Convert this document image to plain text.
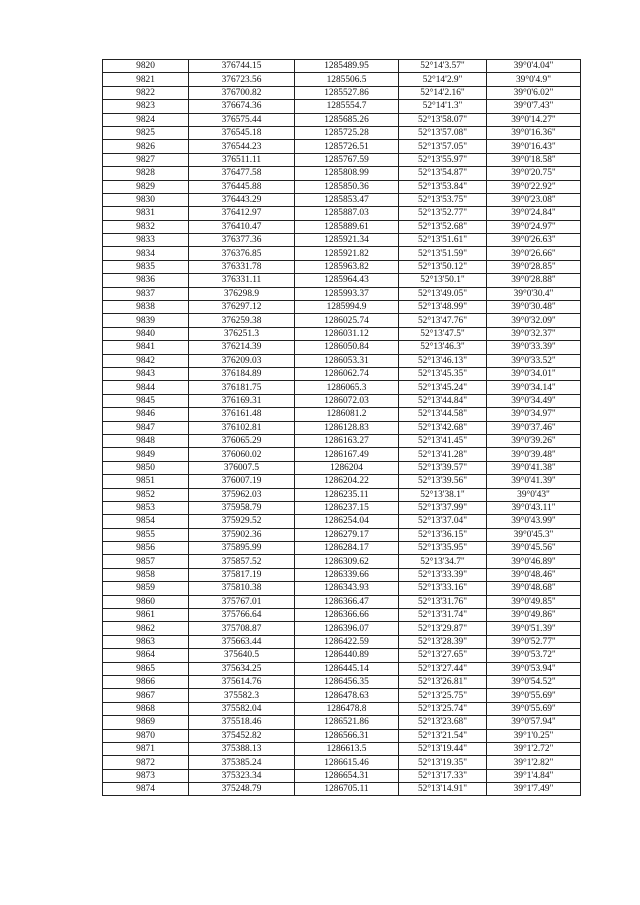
9820	376744.15	1285489.95	52°14'3.57"	39°0'4.04"
9821	376723.56	1285506.5	52°14'2.9"	39°0'4.9"
9822	376700.82	1285527.86	52°14'2.16"	39°0'6.02"
9823	376674.36	1285554.7	52°14'1.3"	39°0'7.43"
9824	376575.44	1285685.26	52°13'58.07"	39°0'14.27"
9825	376545.18	1285725.28	52°13'57.08"	39°0'16.36"
9826	376544.23	1285726.51	52°13'57.05"	39°0'16.43"
9827	376511.11	1285767.59	52°13'55.97"	39°0'18.58"
9828	376477.58	1285808.99	52°13'54.87"	39°0'20.75"
9829	376445.88	1285850.36	52°13'53.84"	39°0'22.92"
9830	376443.29	1285853.47	52°13'53.75"	39°0'23.08"
9831	376412.97	1285887.03	52°13'52.77"	39°0'24.84"
9832	376410.47	1285889.61	52°13'52.68"	39°0'24.97"
9833	376377.36	1285921.34	52°13'51.61"	39°0'26.63"
9834	376376.85	1285921.82	52°13'51.59"	39°0'26.66"
9835	376331.78	1285963.82	52°13'50.12"	39°0'28.85"
9836	376331.11	1285964.43	52°13'50.1"	39°0'28.88"
9837	376298.9	1285993.37	52°13'49.05"	39°0'30.4"
9838	376297.12	1285994.9	52°13'48.99"	39°0'30.48"
9839	376259.38	1286025.74	52°13'47.76"	39°0'32.09"
9840	376251.3	1286031.12	52°13'47.5"	39°0'32.37"
9841	376214.39	1286050.84	52°13'46.3"	39°0'33.39"
9842	376209.03	1286053.31	52°13'46.13"	39°0'33.52"
9843	376184.89	1286062.74	52°13'45.35"	39°0'34.01"
9844	376181.75	1286065.3	52°13'45.24"	39°0'34.14"
9845	376169.31	1286072.03	52°13'44.84"	39°0'34.49"
9846	376161.48	1286081.2	52°13'44.58"	39°0'34.97"
9847	376102.81	1286128.83	52°13'42.68"	39°0'37.46"
9848	376065.29	1286163.27	52°13'41.45"	39°0'39.26"
9849	376060.02	1286167.49	52°13'41.28"	39°0'39.48"
9850	376007.5	1286204	52°13'39.57"	39°0'41.38"
9851	376007.19	1286204.22	52°13'39.56"	39°0'41.39"
9852	375962.03	1286235.11	52°13'38.1"	39°0'43"
9853	375958.79	1286237.15	52°13'37.99"	39°0'43.11"
9854	375929.52	1286254.04	52°13'37.04"	39°0'43.99"
9855	375902.36	1286279.17	52°13'36.15"	39°0'45.3"
9856	375895.99	1286284.17	52°13'35.95"	39°0'45.56"
9857	375857.52	1286309.62	52°13'34.7"	39°0'46.89"
9858	375817.19	1286339.66	52°13'33.39"	39°0'48.46"
9859	375810.38	1286343.93	52°13'33.16"	39°0'48.68"
9860	375767.01	1286366.47	52°13'31.76"	39°0'49.85"
9861	375766.64	1286366.66	52°13'31.74"	39°0'49.86"
9862	375708.87	1286396.07	52°13'29.87"	39°0'51.39"
9863	375663.44	1286422.59	52°13'28.39"	39°0'52.77"
9864	375640.5	1286440.89	52°13'27.65"	39°0'53.72"
9865	375634.25	1286445.14	52°13'27.44"	39°0'53.94"
9866	375614.76	1286456.35	52°13'26.81"	39°0'54.52"
9867	375582.3	1286478.63	52°13'25.75"	39°0'55.69"
9868	375582.04	1286478.8	52°13'25.74"	39°0'55.69"
9869	375518.46	1286521.86	52°13'23.68"	39°0'57.94"
9870	375452.82	1286566.31	52°13'21.54"	39°1'0.25"
9871	375388.13	1286613.5	52°13'19.44"	39°1'2.72"
9872	375385.24	1286615.46	52°13'19.35"	39°1'2.82"
9873	375323.34	1286654.31	52°13'17.33"	39°1'4.84"
9874	375248.79	1286705.11	52°13'14.91"	39°1'7.49"
